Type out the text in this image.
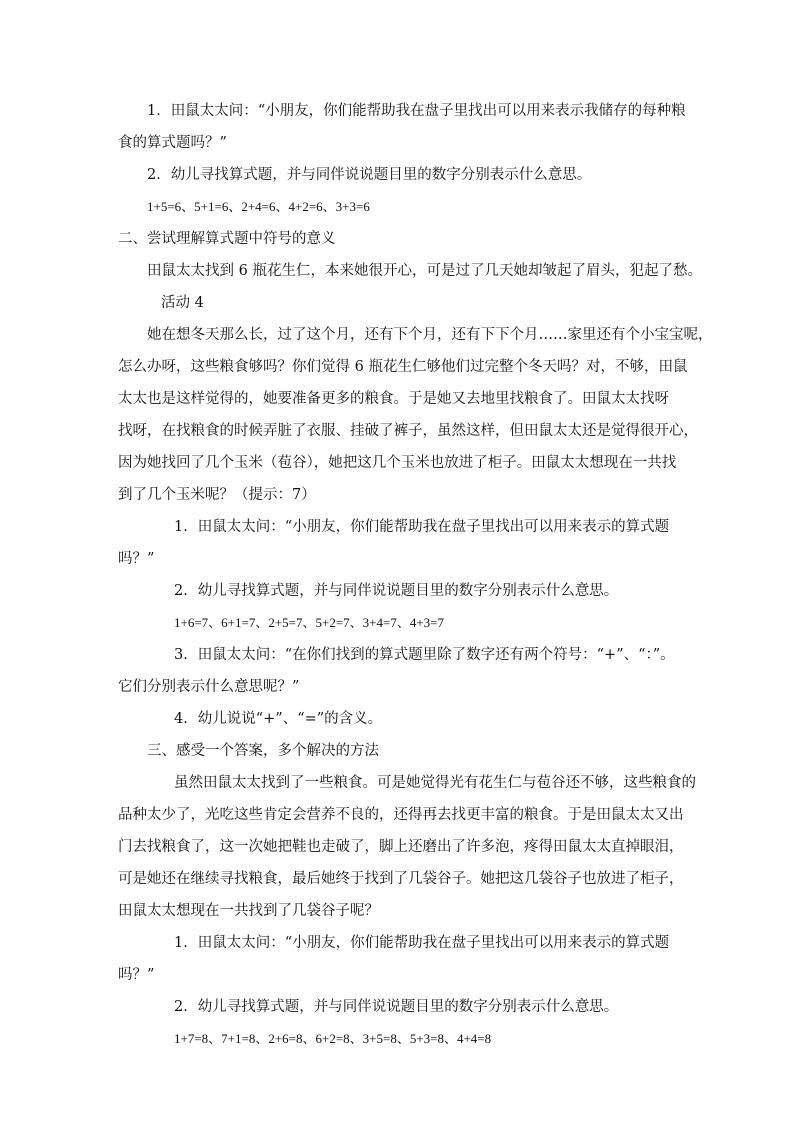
1．田鼠太太问：“小朋友，你们能帮助我在盘子里找出可以用来表示我储存的每种粮
食的算式题吗？”
2．幼儿寻找算式题，并与同伴说说题目里的数字分别表示什么意思。
1+5=6、5+1=6、2+4=6、4+2=6、3+3=6
二、尝试理解算式题中符号的意义
田鼠太太找到 6 瓶花生仁，本来她很开心，可是过了几天她却皱起了眉头，犯起了愁。
活动 4
她在想冬天那么长，过了这个月，还有下个月，还有下下个月……家里还有个小宝宝呢，
怎么办呀，这些粮食够吗？你们觉得 6 瓶花生仁够他们过完整个冬天吗？对，不够，田鼠
太太也是这样觉得的，她要准备更多的粮食。于是她又去地里找粮食了。田鼠太太找呀
找呀，在找粮食的时候弄脏了衣服、挂破了裤子，虽然这样，但田鼠太太还是觉得很开心，
因为她找回了几个玉米（苞谷），她把这几个玉米也放进了柜子。田鼠太太想现在一共找
到了几个玉米呢？（提示：7）
1．田鼠太太问：“小朋友，你们能帮助我在盘子里找出可以用来表示的算式题
吗？”
2．幼儿寻找算式题，并与同伴说说题目里的数字分别表示什么意思。
1+6=7、6+1=7、2+5=7、5+2=7、3+4=7、4+3=7
3．田鼠太太问：“在你们找到的算式题里除了数字还有两个符号：“+”、“：”。
它们分别表示什么意思呢？”
4．幼儿说说“+”、“=”的含义。
三、感受一个答案，多个解决的方法
虽然田鼠太太找到了一些粮食。可是她觉得光有花生仁与苞谷还不够，这些粮食的
品种太少了，光吃这些肯定会营养不良的，还得再去找更丰富的粮食。于是田鼠太太又出
门去找粮食了，这一次她把鞋也走破了，脚上还磨出了许多泡，疼得田鼠太太直掉眼泪，
可是她还在继续寻找粮食，最后她终于找到了几袋谷子。她把这几袋谷子也放进了柜子，
田鼠太太想现在一共找到了几袋谷子呢？
1．田鼠太太问：“小朋友，你们能帮助我在盘子里找出可以用来表示的算式题
吗？”
2．幼儿寻找算式题，并与同伴说说题目里的数字分别表示什么意思。
1+7=8、7+1=8、2+6=8、6+2=8、3+5=8、5+3=8、4+4=8
